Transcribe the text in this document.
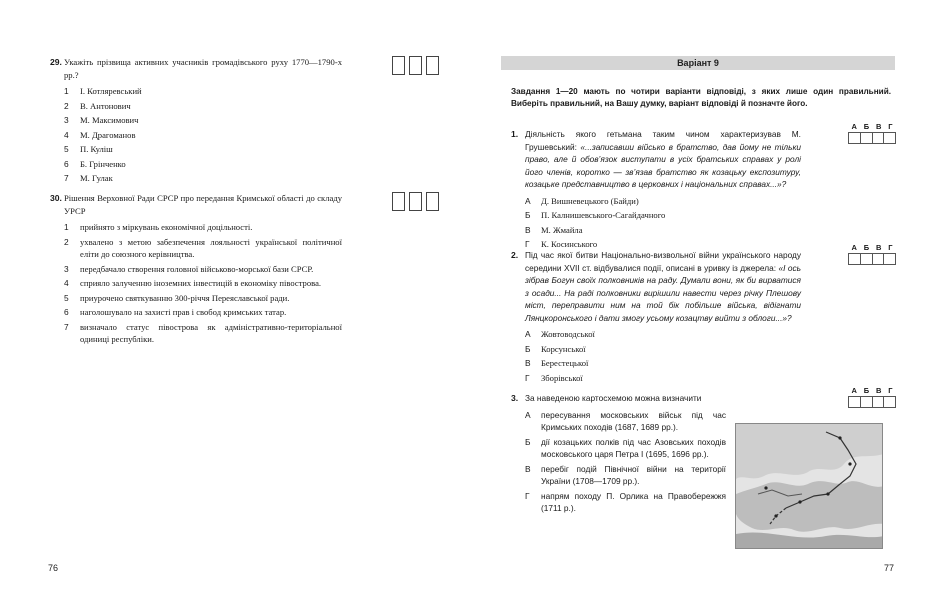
29. Укажіть прізвища активних учасників громадівського руху 1770—1790-х рр.?
1	І. Котляревський
2	В. Антонович
3	М. Максимович
4	М. Драгоманов
5	П. Куліш
6	Б. Грінченко
7	М. Гулак
30. Рішення Верховної Ради СРСР про передання Кримської області до складу УРСР
1	прийнято з міркувань економічної доцільності.
2	ухвалено з метою забезпечення лояльності української політичної еліти до союзного керівництва.
3	передбачало створення головної військово-морської бази СРСР.
4	сприяло залученню іноземних інвестицій в економіку півострова.
5	приурочено святкуванню 300-річчя Переяславської ради.
6	наголошувало на захисті прав і свобод кримських татар.
7	визначало статус півострова як адміністративно-територіальної одиниці республіки.
76
Варіант 9
Завдання 1—20 мають по чотири варіанти відповіді, з яких лише один правильний. Виберіть правильний, на Вашу думку, варіант відповіді й позначте його.
1. Діяльність якого гетьмана таким чином характеризував М. Грушевський: «...записавши військо в братство, дав йому не тільки право, але й обов’язок виступати в усіх братських справах у ролі його членів, коротко — зв’язав братство як козацьку експозитуру, козацьке представництво в церковних і національних справах...»?
А	Д. Вишневецького (Байди)
Б	П. Калнишевського-Сагайдачного
В	М. Жмайла
Г	К. Косинського
А Б В Г
2. Під час якої битви Національно-визвольної війни українського народу середини XVII ст. відбувалися події, описані в уривку із джерела: «І ось зібрав Богун своїх полковників на раду. Думали вони, як би вирватися з осади... На раді полковники вирішили навести через річку Плешову міст, переправити ним на той бік побільше війська, відігнати Лянцкоронського і дати змогу усьому козацтву вийти з облоги...»?
А	Жовтоводської
Б	Корсунської
В	Берестецької
Г	Зборівської
А Б В Г
3. За наведеною картосхемою можна визначити
А	пересування московських військ під час Кримських походів (1687, 1689 рр.).
Б	дії козацьких полків під час Азовських походів московського царя Петра І (1695, 1696 рр.).
В	перебіг подій Північної війни на території України (1708—1709 рр.).
Г	напрям походу П. Орлика на Правобережжя (1711 р.).
А Б В Г
77
